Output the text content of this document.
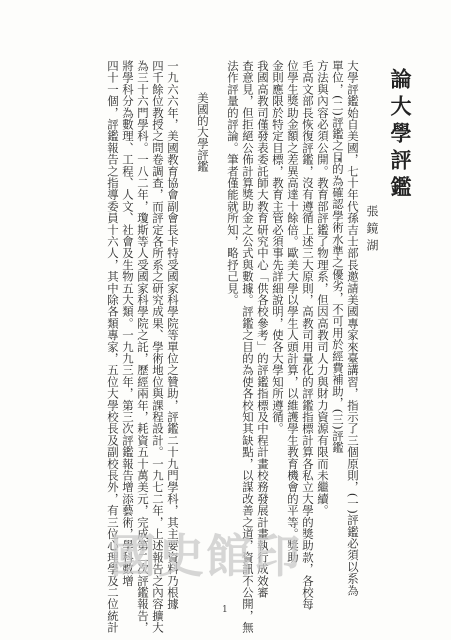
論大學評鑑
張鏡湖
大學評鑑始自美國，七十年代孫吉士部長邀請美國專家來臺講習，指示了三個原則，(一)評鑑必須以系為
單位，(二)評鑑之目的為確認學術水準之優劣，不可用於經費補助，(三)評鑑
方法與內容必須公開。教育部評鑑了物理系，但因高教司人力與財力資源有限而未繼續。
毛高文部長恢復評鑑，沒有遵循上述三大原則，高教司用量化的評鑑指標計算各私立大學的獎助款，各校每
位學生獎助金額之差異高達十餘倍。歐美大學以學生人頭計算，以維護學生教育機會的平等。獎助
金則應限於特定目標，教育主管必須事先詳細說明，使各大學知所遵循。
我國高教司僅發表委託師大教育研究中心「供各校參考」的評鑑指標及中程計畫校務發展計畫執行成效審
查意見，但拒絕公佈計算獎助金之公式與數據。評鑑之目的為使各校知其缺點，以謀改善之道，資訊不公開，無
法作評量的評論。筆者僅能就所知，略抒己見。
美國的大學評鑑
一九六六年，美國教育協會副會長卡特受國家科學院等單位之贊助，評鑑二十九門學科，其主要資料乃根據
四千餘位教授之問卷調查，而評定各所系之研究成果、學術地位與課程設計。一九七二年，上述報告之內容擴大
為三十六門學科。一八二年，瓊斯等人受國家科學院之託，歷經兩年，耗資五十萬美元，完成第二次評鑑報告，
將學科分為數理、工程、人文、社會及生物五大類。一九九三年，第三次評鑑報告增添藝術，學科數增
四十一個，評鑑報告之指導委員十六人，其中除各類專家，五位大學校長及副校長外，有三位心理學及二位統計
國史館印
1
